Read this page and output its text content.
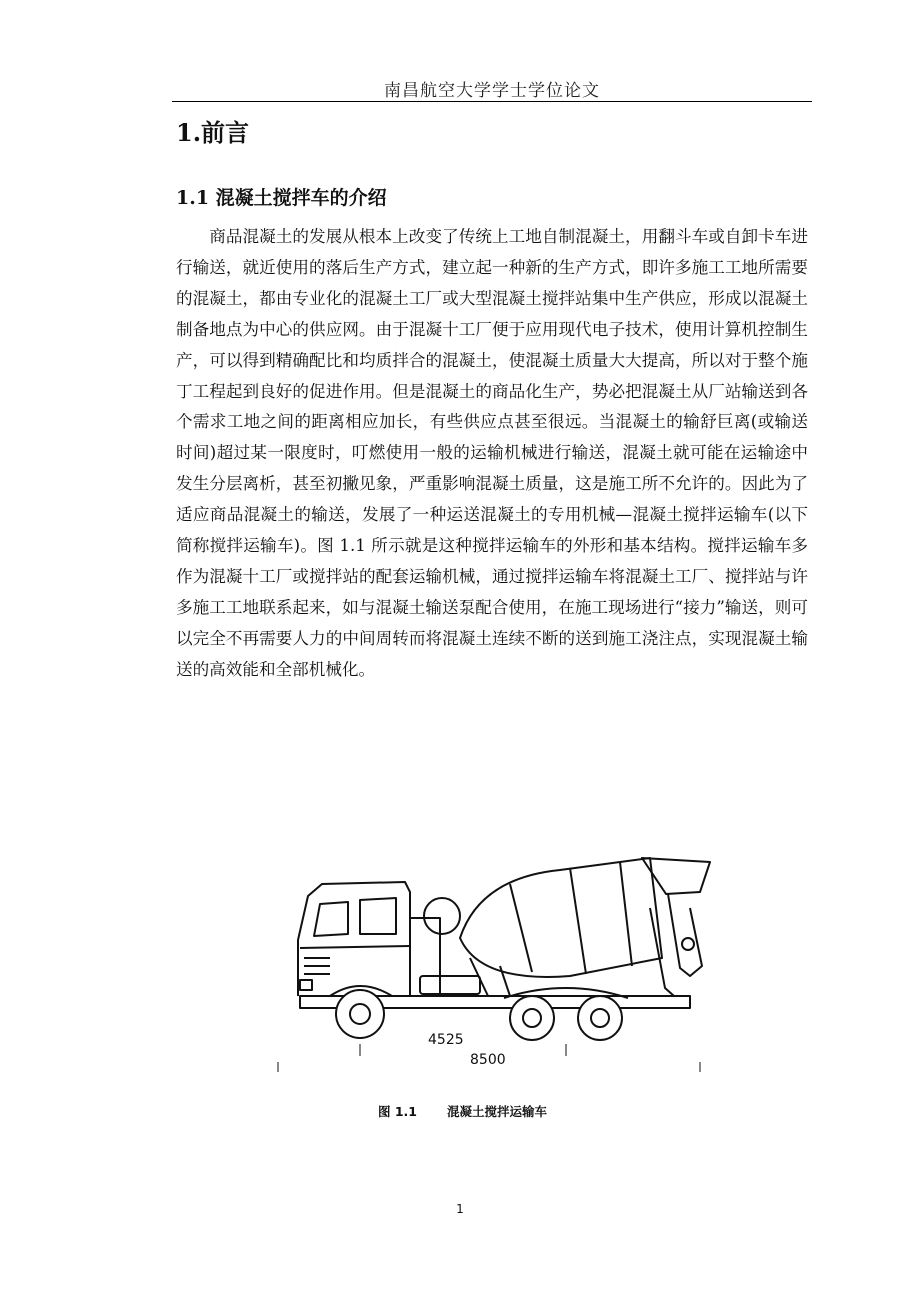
南昌航空大学学士学位论文
1.前言
1.1 混凝土搅拌车的介绍

商品混凝土的发展从根本上改变了传统上工地自制混凝土，用翻斗车或自卸卡车进行输送，就近使用的落后生产方式，建立起一种新的生产方式，即许多施工工地所需要的混凝土，都由专业化的混凝土工厂或大型混凝土搅拌站集中生产供应，形成以混凝土制备地点为中心的供应网。由于混凝十工厂便于应用现代电子技术，使用计算机控制生产，可以得到精确配比和均质拌合的混凝土，使混凝土质量大大提高，所以对于整个施丁工程起到良好的促进作用。但是混凝土的商品化生产，势必把混凝土从厂站输送到各个需求工地之间的距离相应加长，有些供应点甚至很远。当混凝土的输舒巨离(或输送时间)超过某一限度时，叮燃使用一般的运输机械进行输送，混凝土就可能在运输途中发生分层离析，甚至初撇见象，严重影响混凝土质量，这是施工所不允许的。因此为了适应商品混凝土的输送，发展了一种运送混凝土的专用机械—混凝土搅拌运输车(以下简称搅拌运输车)。图 1.1 所示就是这种搅拌运输车的外形和基本结构。搅拌运输车多作为混凝十工厂或搅拌站的配套运输机械，通过搅拌运输车将混凝土工厂、搅拌站与许多施工工地联系起来，如与混凝土输送泵配合使用，在施工现场进行“接力”输送，则可以完全不再需要人力的中间周转而将混凝土连续不断的送到施工浇注点，实现混凝土输送的高效能和全部机械化。

4525
8500
图 1.1 混凝土搅拌运输车
1
